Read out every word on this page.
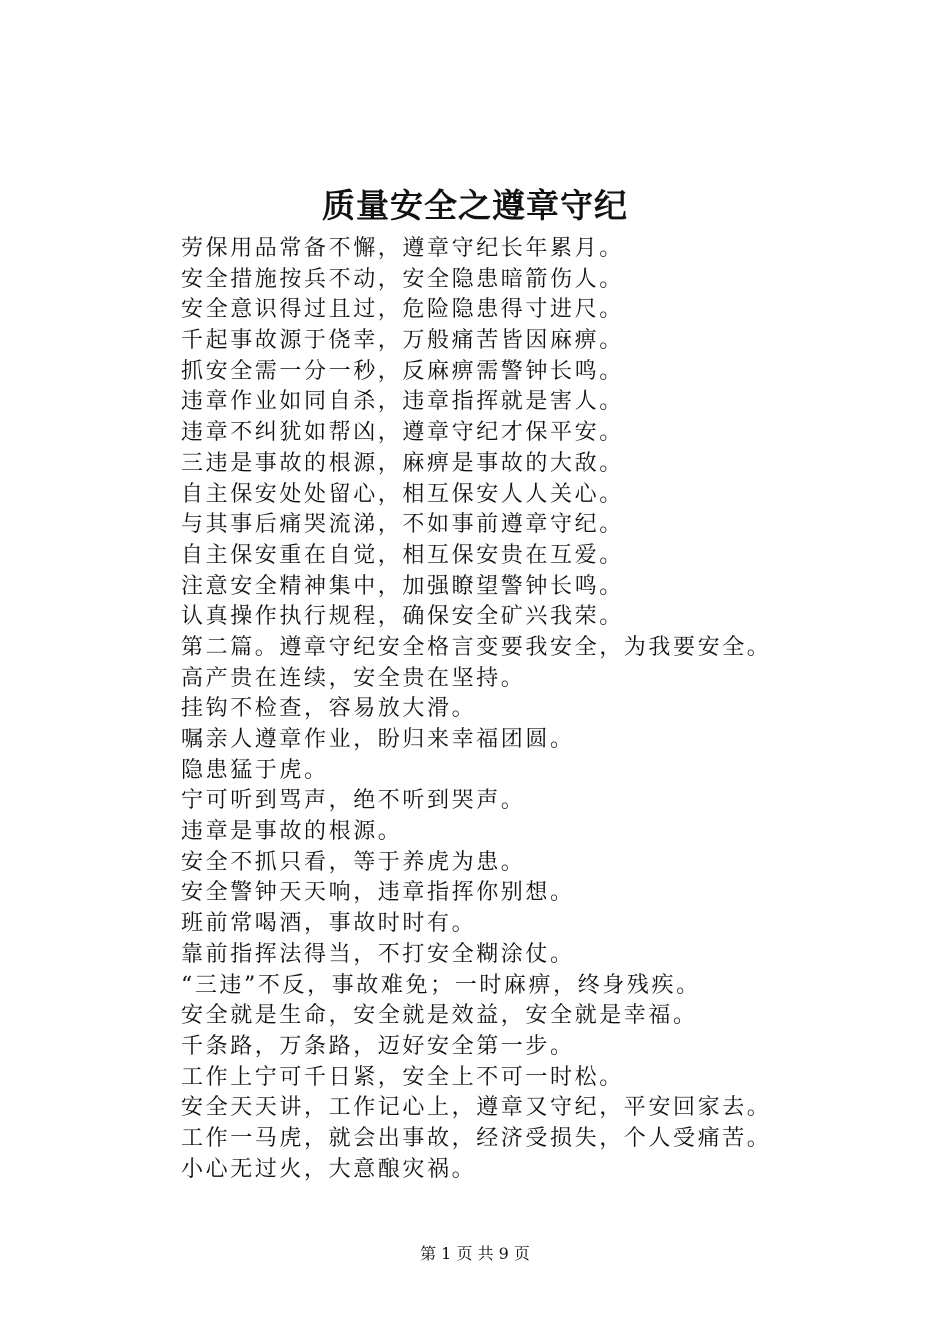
质量安全之遵章守纪
劳保用品常备不懈，遵章守纪长年累月。
安全措施按兵不动，安全隐患暗箭伤人。
安全意识得过且过，危险隐患得寸进尺。
千起事故源于侥幸，万般痛苦皆因麻痹。
抓安全需一分一秒，反麻痹需警钟长鸣。
违章作业如同自杀，违章指挥就是害人。
违章不纠犹如帮凶，遵章守纪才保平安。
三违是事故的根源，麻痹是事故的大敌。
自主保安处处留心，相互保安人人关心。
与其事后痛哭流涕，不如事前遵章守纪。
自主保安重在自觉，相互保安贵在互爱。
注意安全精神集中，加强瞭望警钟长鸣。
认真操作执行规程，确保安全矿兴我荣。
第二篇。遵章守纪安全格言变要我安全，为我要安全。
高产贵在连续，安全贵在坚持。
挂钩不检查，容易放大滑。
嘱亲人遵章作业，盼归来幸福团圆。
隐患猛于虎。
宁可听到骂声，绝不听到哭声。
违章是事故的根源。
安全不抓只看，等于养虎为患。
安全警钟天天响，违章指挥你别想。
班前常喝酒，事故时时有。
靠前指挥法得当，不打安全糊涂仗。
“三违”不反，事故难免；一时麻痹，终身残疾。
安全就是生命，安全就是效益，安全就是幸福。
千条路，万条路，迈好安全第一步。
工作上宁可千日紧，安全上不可一时松。
安全天天讲，工作记心上，遵章又守纪，平安回家去。
工作一马虎，就会出事故，经济受损失，个人受痛苦。
小心无过火，大意酿灾祸。
第 1 页 共 9 页
